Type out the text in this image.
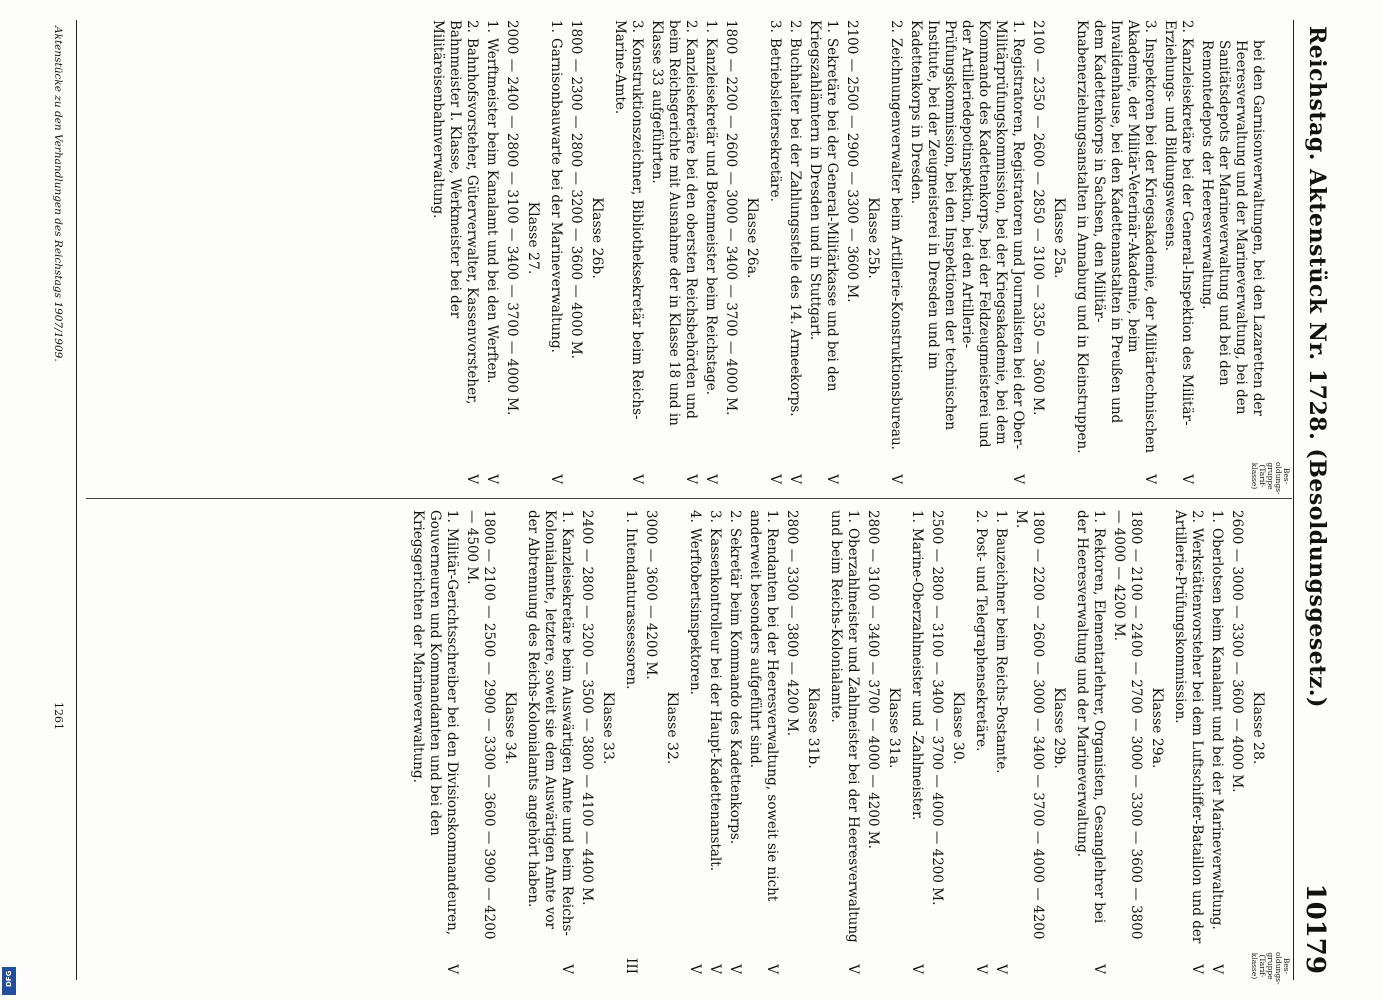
Reichstag. Aktenstück Nr. 1728. (Besoldungsgesetz.)
10179
Besoldungsgruppe (Tarifklasse)
bei den Garnisonverwaltungen, bei den Lazaretten der Heeresverwaltung und der Marineverwaltung, bei den Sanitätsdepots der Marineverwaltung und bei den Remontedepots der Heeresverwaltung.
2.Kanzleisekretäre bei der General-Inspektion des Militär-Erziehungs- und Bildungswesens.
V
3.Inspektoren bei der Kriegsakademie, der Militärtechnischen Akademie, der Militär-Veterinär-Akademie, beim Invalidenhause, bei den Kadettenanstalten in Preußen und dem Kadettenkorps in Sachsen, den Militär-Knabenerziehungsanstalten in Annaburg und in Kleinstruppen.
V
Klasse 25a.
2100 — 2350 — 2600 — 2850 — 3100 — 3350 — 3600 M.
1.Registratoren, Registratoren und Journalisten bei der Ober-Militärprüfungskommission, bei der Kriegsakademie, bei dem Kommando des Kadettenkorps, bei der Feldzeugmeisterei und der Artilleriedepotinspektion, bei den Artillerie-Prüfungskommission, bei den Inspektionen der technischen Institute, bei der Zeugmeisterei in Dresden und im Kadettenkorps in Dresden.
V
2.Zeichnungenverwalter beim Artillerie-Konstruktionsbureau.
V
Klasse 25b.
2100 — 2500 — 2900 — 3300 — 3600 M.
1.Sekretäre bei der General-Militärkasse und bei den Kriegszahlämtern in Dresden und in Stuttgart.
V
2.Buchhalter bei der Zahlungsstelle des 14. Armeekorps.
V
3.Betriebsleitersekretäre.
V
Klasse 26a.
1800 — 2200 — 2600 — 3000 — 3400 — 3700 — 4000 M.
1.Kanzleisekretär und Botenmeister beim Reichstage.
V
2.Kanzleisekretäre bei den obersten Reichsbehörden und beim Reichsgerichte mit Ausnahme der in Klasse 18 und in Klasse 33 aufgeführten.
V
3.Konstruktionszeichner, Bibliotheksekretär beim Reichs-Marine-Amte.
V
Klasse 26b.
1800 — 2300 — 2800 — 3200 — 3600 — 4000 M.
1.Garnisonbauwarte bei der Marineverwaltung.
V
Klasse 27.
2000 — 2400 — 2800 — 3100 — 3400 — 3700 — 4000 M.
1.Werftmeister beim Kanalamt und bei den Werften.
V
2.Bahnhofsvorsteher, Güterverwalter, Kassenvorsteher, Bahnmeister I. Klasse, Werkmeister bei der Militäreisenbahnverwaltung.
V
Besoldungsgruppe (Tarifklasse)
Klasse 28.
2600 — 3000 — 3300 — 3600 — 4000 M.
1.Oberlotsen beim Kanalamt und bei der Marineverwaltung.
V
2.Werkstättenvorsteher bei dem Luftschiffer-Bataillon und der Artillerie-Prüfungskommission.
V
Klasse 29a.
1800 — 2100 — 2400 — 2700 — 3000 — 3300 — 3600 — 3800 — 4000 — 4200 M.
1.Rektoren, Elementarlehrer, Organisten, Gesanglehrer bei der Heeresverwaltung und der Marineverwaltung.
V
Klasse 29b.
1800 — 2200 — 2600 — 3000 — 3400 — 3700 — 4000 — 4200 M.
1.Bauzeichner beim Reichs-Postamte.
V
2.Post- und Telegraphensekretäre.
V
Klasse 30.
2500 — 2800 — 3100 — 3400 — 3700 — 4000 — 4200 M.
1.Marine-Oberzahlmeister und -Zahlmeister.
V
Klasse 31a.
2800 — 3100 — 3400 — 3700 — 4000 — 4200 M.
1.Oberzahlmeister und Zahlmeister bei der Heeresverwaltung und beim Reichs-Kolonialamte.
V
Klasse 31b.
2800 — 3300 — 3800 — 4200 M.
1.Rendanten bei der Heeresverwaltung, soweit sie nicht anderweit besonders aufgeführt sind.
V
2.Sekretär beim Kommando des Kadettenkorps.
V
3.Kassenkontrolleur bei der Haupt-Kadettenanstalt.
V
4.Werftobertsinspektoren.
V
Klasse 32.
3000 — 3600 — 4200 M.
1.Intendanturassessoren.
III
Klasse 33.
2400 — 2800 — 3200 — 3500 — 3800 — 4100 — 4400 M.
1.Kanzleisekretäre beim Auswärtigen Amte und beim Reichs-Kolonialamte, letztere, soweit sie dem Auswärtigen Amte vor der Abtrennung des Reichs-Kolonialamts angehört haben.
V
Klasse 34.
1800 — 2100 — 2500 — 2900 — 3300 — 3600 — 3900 — 4200 — 4500 M.
1.Militär-Gerichtsschreiber bei den Divisionskommandeuren, Gouverneuren und Kommandanten und bei den Kriegsgerichten der Marineverwaltung.
V
Aktenstücke zu den Verhandlungen des Reichstags 1907/1909.
1261
DFG
